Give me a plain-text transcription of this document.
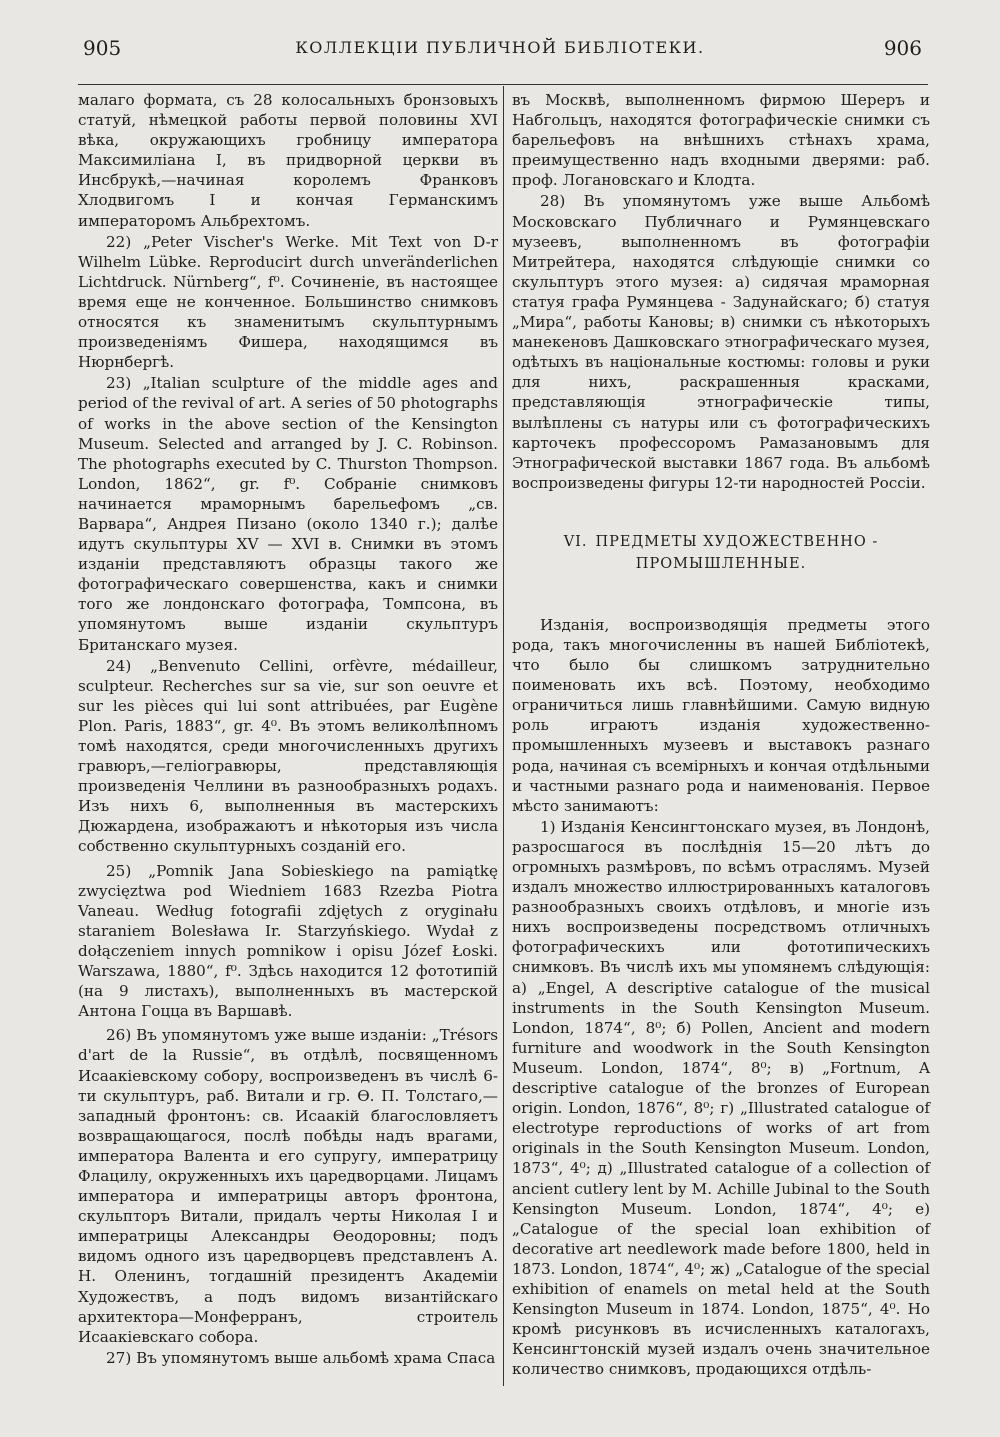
905	КОЛЛЕКЦІИ ПУБЛИЧНОЙ БИБЛІОТЕКИ.	906

малаго формата, съ 28 колосальныхъ бронзовыхъ статуй, нѣмецкой работы первой половины XVI вѣка, окружающихъ гробницу императора Максимиліана I, въ придворной церкви въ Инсбрукѣ,—начиная королемъ Франковъ Хлодвигомъ I и кончая Германскимъ императоромъ Альбрехтомъ.

22) „Peter Vischer's Werke. Mit Text von D-r Wilhelm Lübke. Reproducirt durch unveränderlichen Lichtdruck. Nürnberg“, f⁰. Сочиненіе, въ настоящее время еще не конченное. Большинство снимковъ относятся къ знаменитымъ скульптурнымъ произведеніямъ Фишера, находящимся въ Нюрнбергѣ.

23) „Italian sculpture of the middle ages and period of the revival of art. A series of 50 photographs of works in the above section of the Kensington Museum. Selected and arranged by J. C. Robinson. The photographs executed by C. Thurston Thompson. London, 1862“, gr. f⁰. Собраніе снимковъ начинается мраморнымъ барельефомъ „св. Варвара“, Андрея Пизано (около 1340 г.); далѣе идутъ скульптуры XV — XVI в. Снимки въ этомъ изданіи представляютъ образцы такого же фотографическаго совершенства, какъ и снимки того же лондонскаго фотографа, Томпсона, въ упомянутомъ выше изданіи скульптуръ Британскаго музея.

24) „Benvenuto Cellini, orfèvre, médailleur, sculpteur. Recherches sur sa vie, sur son oeuvre et sur les pièces qui lui sont attribuées, par Eugène Plon. Paris, 1883“, gr. 4⁰. Въ этомъ великолѣпномъ томѣ находятся, среди многочисленныхъ другихъ гравюръ,—геліогравюры, представляющія произведенія Челлини въ разнообразныхъ родахъ. Изъ нихъ 6, выполненныя въ мастерскихъ Дюжардена, изображаютъ и нѣкоторыя изъ числа собственно скульптурныхъ созданій его.

25) „Pomnik Jana Sobieskiego na pamiątkę zwycięztwa pod Wiedniem 1683 Rzezba Piotra Vaneau. Według fotografii zdjętych z oryginału staraniem Bolesława Ir. Starzyńskiego. Wydał z dołączeniem innych pomnikow i opisu Józef Łoski. Warszawa, 1880“, f⁰. Здѣсь находится 12 фототипій (на 9 листахъ), выполненныхъ въ мастерской Антона Гоцца въ Варшавѣ.

26) Въ упомянутомъ уже выше изданіи: „Trésors d'art de la Russie“, въ отдѣлѣ, посвященномъ Исаакіевскому собору, воспроизведенъ въ числѣ 6-ти скульптуръ, раб. Витали и гр. Ѳ. П. Толстаго,— западный фронтонъ: св. Исаакій благословляетъ возвращающагося, послѣ побѣды надъ врагами, императора Валента и его супругу, императрицу Флацилу, окруженныхъ ихъ царедворцами. Лицамъ императора и императрицы авторъ фронтона, скульпторъ Витали, придалъ черты Николая I и императрицы Александры Ѳеодоровны; подъ видомъ одного изъ царедворцевъ представленъ А. Н. Оленинъ, тогдашній президентъ Академіи Художествъ, а подъ видомъ византійскаго архитектора—Монферранъ, строитель Исаакіевскаго собора.

27) Въ упомянутомъ выше альбомѣ храма Спаса

въ Москвѣ, выполненномъ фирмою Шереръ и Набгольцъ, находятся фотографическіе снимки съ барельефовъ на внѣшнихъ стѣнахъ храма, преимущественно надъ входными дверями: раб. проф. Логановскаго и Клодта.

28) Въ упомянутомъ уже выше Альбомѣ Московскаго Публичнаго и Румянцевскаго музеевъ, выполненномъ въ фотографіи Митрейтера, находятся слѣдующіе снимки со скульптуръ этого музея: а) сидячая мраморная статуя графа Румянцева - Задунайскаго; б) статуя „Мира“, работы Кановы; в) снимки съ нѣкоторыхъ манекеновъ Дашковскаго этнографическаго музея, одѣтыхъ въ національные костюмы: головы и руки для нихъ, раскрашенныя красками, представляющія этнографическіе типы, вылѣплены съ натуры или съ фотографическихъ карточекъ профессоромъ Рамазановымъ для Этнографической выставки 1867 года. Въ альбомѣ воспроизведены фигуры 12-ти народностей Россіи.

VI. ПРЕДМЕТЫ ХУДОЖЕСТВЕННО - ПРОМЫШЛЕННЫЕ.

Изданія, воспроизводящія предметы этого рода, такъ многочисленны въ нашей Библіотекѣ, что было бы слишкомъ затруднительно поименовать ихъ всѣ. Поэтому, необходимо ограничиться лишь главнѣйшими. Самую видную роль играютъ изданія художественно-промышленныхъ музеевъ и выставокъ разнаго рода, начиная съ всемірныхъ и кончая отдѣльными и частными разнаго рода и наименованія. Первое мѣсто занимаютъ:

1) Изданія Кенсингтонскаго музея, въ Лондонѣ, разросшагося въ послѣднія 15—20 лѣтъ до огромныхъ размѣровъ, по всѣмъ отраслямъ. Музей издалъ множество иллюстрированныхъ каталоговъ разнообразныхъ своихъ отдѣловъ, и многіе изъ нихъ воспроизведены посредствомъ отличныхъ фотографическихъ или фототипическихъ снимковъ. Въ числѣ ихъ мы упомянемъ слѣдующія: а) „Engel, A descriptive catalogue of the musical instruments in the South Kensington Museum. London, 1874“, 8⁰; б) Pollen, Ancient and modern furniture and woodwork in the South Kensington Museum. London, 1874“, 8⁰; в) „Fortnum, A descriptive catalogue of the bronzes of European origin. London, 1876“, 8⁰; г) „Illustrated catalogue of electrotype reproductions of works of art from originals in the South Kensington Museum. London, 1873“, 4⁰; д) „Illustrated catalogue of a collection of ancient cutlery lent by M. Achille Jubinal to the South Kensington Museum. London, 1874“, 4⁰; е) „Catalogue of the special loan exhibition of decorative art needlework made before 1800, held in 1873. London, 1874“, 4⁰; ж) „Catalogue of the special exhibition of enamels on metal held at the South Kensington Museum in 1874. London, 1875“, 4⁰. Но кромѣ рисунковъ въ исчисленныхъ каталогахъ, Кенсингтонскій музей издалъ очень значительное количество снимковъ, продающихся отдѣль-
